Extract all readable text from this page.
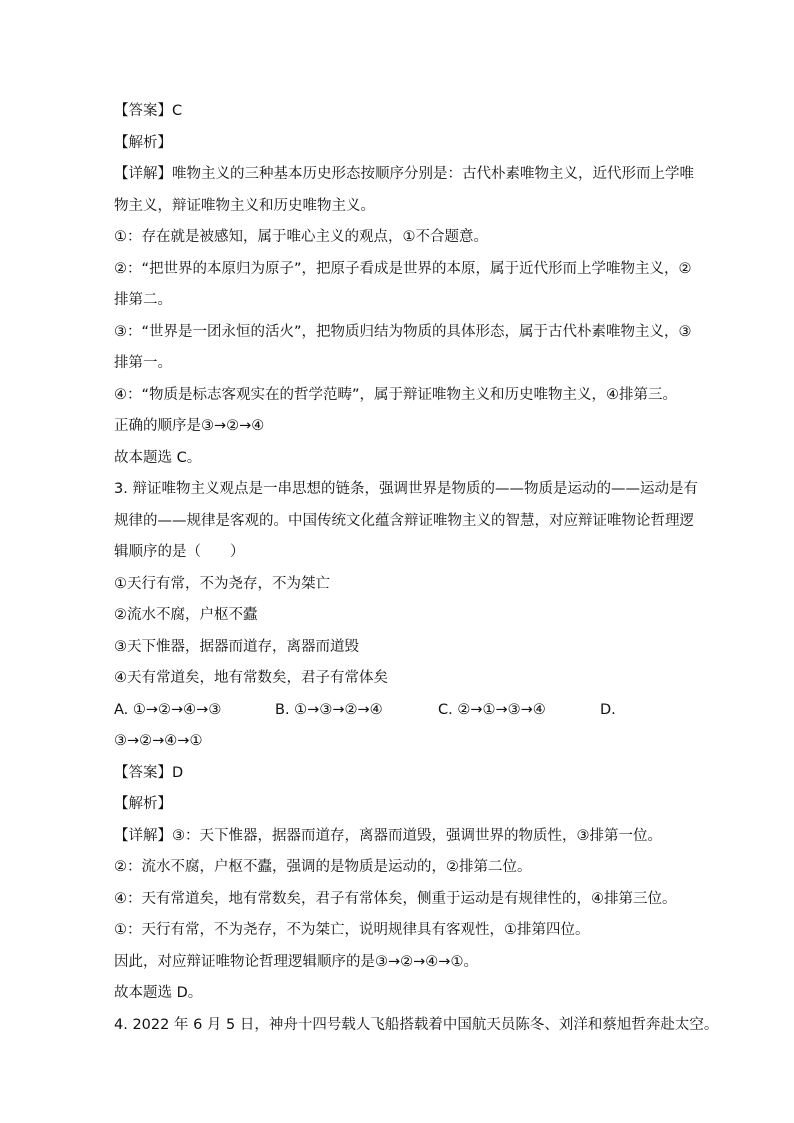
【答案】C
【解析】
【详解】唯物主义的三种基本历史形态按顺序分别是：古代朴素唯物主义，近代形而上学唯
物主义，辩证唯物主义和历史唯物主义。
①：存在就是被感知，属于唯心主义的观点，①不合题意。
②：“把世界的本原归为原子”，把原子看成是世界的本原，属于近代形而上学唯物主义，②
排第二。
③：“世界是一团永恒的活火”，把物质归结为物质的具体形态，属于古代朴素唯物主义，③
排第一。
④：“物质是标志客观实在的哲学范畴”，属于辩证唯物主义和历史唯物主义，④排第三。
正确的顺序是③→②→④
故本题选 C。
3. 辩证唯物主义观点是一串思想的链条，强调世界是物质的——物质是运动的——运动是有
规律的——规律是客观的。中国传统文化蕴含辩证唯物主义的智慧，对应辩证唯物论哲理逻
辑顺序的是（　　）
①天行有常，不为尧存，不为桀亡
②流水不腐，户枢不蠹
③天下惟器，据器而道存，离器而道毁
④天有常道矣，地有常数矣，君子有常体矣
A. ①→②→④→③	B. ①→③→②→④	C. ②→①→③→④	D.
③→②→④→①
【答案】D
【解析】
【详解】③：天下惟器，据器而道存，离器而道毁，强调世界的物质性，③排第一位。
②：流水不腐，户枢不蠹，强调的是物质是运动的，②排第二位。
④：天有常道矣，地有常数矣，君子有常体矣，侧重于运动是有规律性的，④排第三位。
①：天行有常，不为尧存，不为桀亡，说明规律具有客观性，①排第四位。
因此，对应辩证唯物论哲理逻辑顺序的是③→②→④→①。
故本题选 D。
4. 2022 年 6 月 5 日，神舟十四号载人飞船搭载着中国航天员陈冬、刘洋和蔡旭哲奔赴太空。
